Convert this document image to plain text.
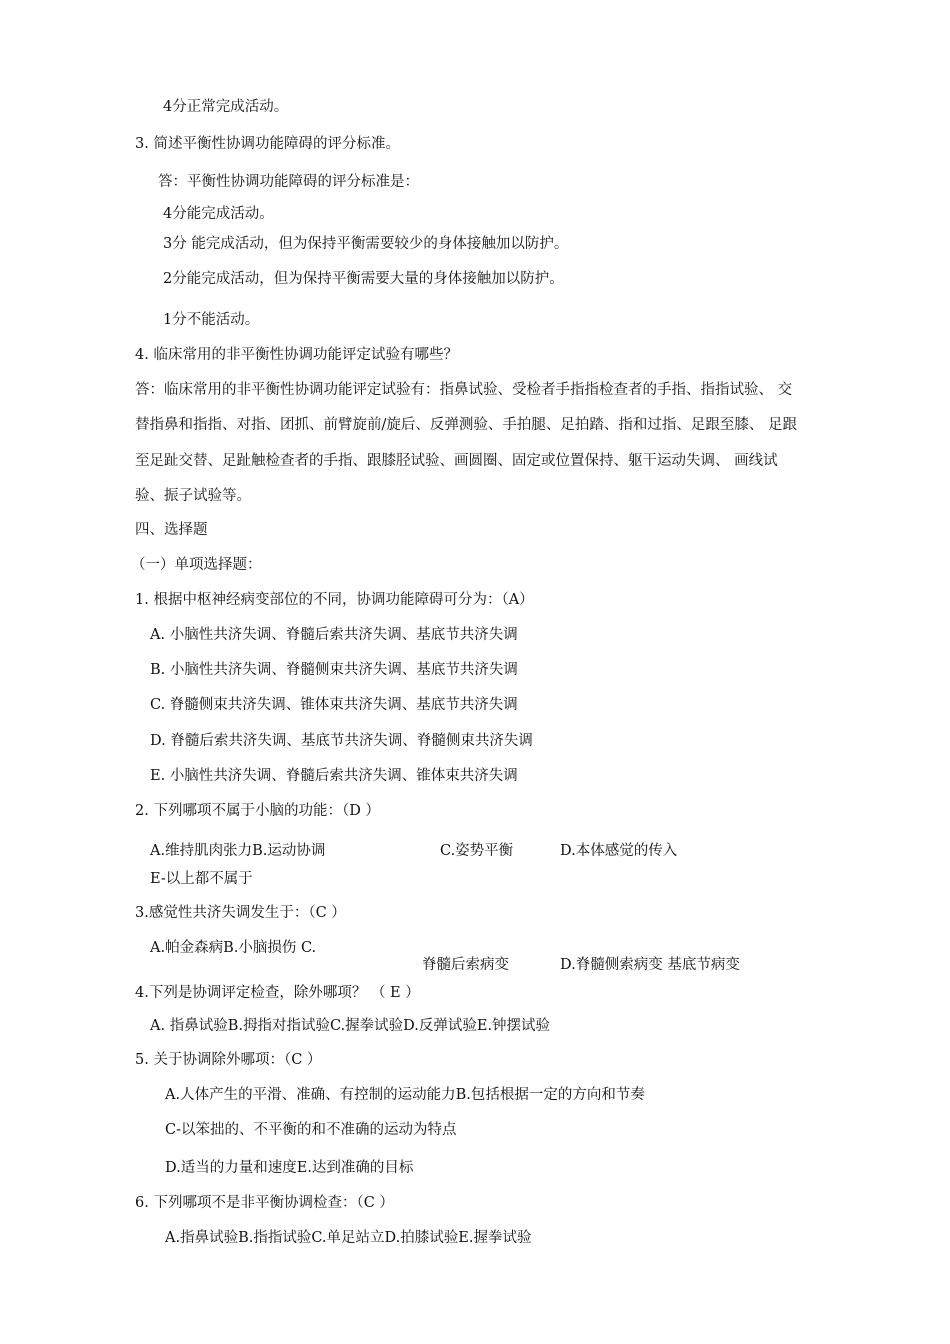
4分正常完成活动。
3. 简述平衡性协调功能障碍的评分标准。
答：平衡性协调功能障碍的评分标准是：
4分能完成活动。
3分 能完成活动，但为保持平衡需要较少的身体接触加以防护。
2分能完成活动，但为保持平衡需要大量的身体接触加以防护。
1分不能活动。
4. 临床常用的非平衡性协调功能评定试验有哪些？
答：临床常用的非平衡性协调功能评定试验有：指鼻试验、受检者手指指检查者的手指、指指试验、 交
替指鼻和指指、对指、团抓、前臂旋前/旋后、反弹测验、手拍腿、足拍踏、指和过指、足跟至膝、 足跟
至足趾交替、足趾触检查者的手指、跟膝胫试验、画圆圈、固定或位置保持、躯干运动失调、 画线试
验、振子试验等。
四、选择题
（一）单项选择题：
1. 根据中枢神经病变部位的不同，协调功能障碍可分为：（A）
A. 小脑性共济失调、脊髓后索共济失调、基底节共济失调
B. 小脑性共济失调、脊髓侧束共济失调、基底节共济失调
C. 脊髓侧束共济失调、锥体束共济失调、基底节共济失调
D. 脊髓后索共济失调、基底节共济失调、脊髓侧束共济失调
E. 小脑性共济失调、脊髓后索共济失调、锥体束共济失调
2. 下列哪项不属于小脑的功能：（D ）
A.维持肌肉张力B.运动协调	C.姿势平衡	D.本体感觉的传入
E-以上都不属于
3.感觉性共济失调发生于：（C ）
A.帕金森病B.小脑损伤 C.
脊髓后索病变	D.脊髓侧索病变 基底节病变
4.下列是协调评定检查，除外哪项？ （ E ）
A. 指鼻试验B.拇指对指试验C.握拳试验D.反弹试验E.钟摆试验
5. 关于协调除外哪项：（C ）
A.人体产生的平滑、准确、有控制的运动能力B.包括根据一定的方向和节奏
C-以笨拙的、不平衡的和不准确的运动为特点
D.适当的力量和速度E.达到准确的目标
6. 下列哪项不是非平衡协调检查：（C ）
A.指鼻试验B.指指试验C.单足站立D.拍膝试验E.握拳试验
